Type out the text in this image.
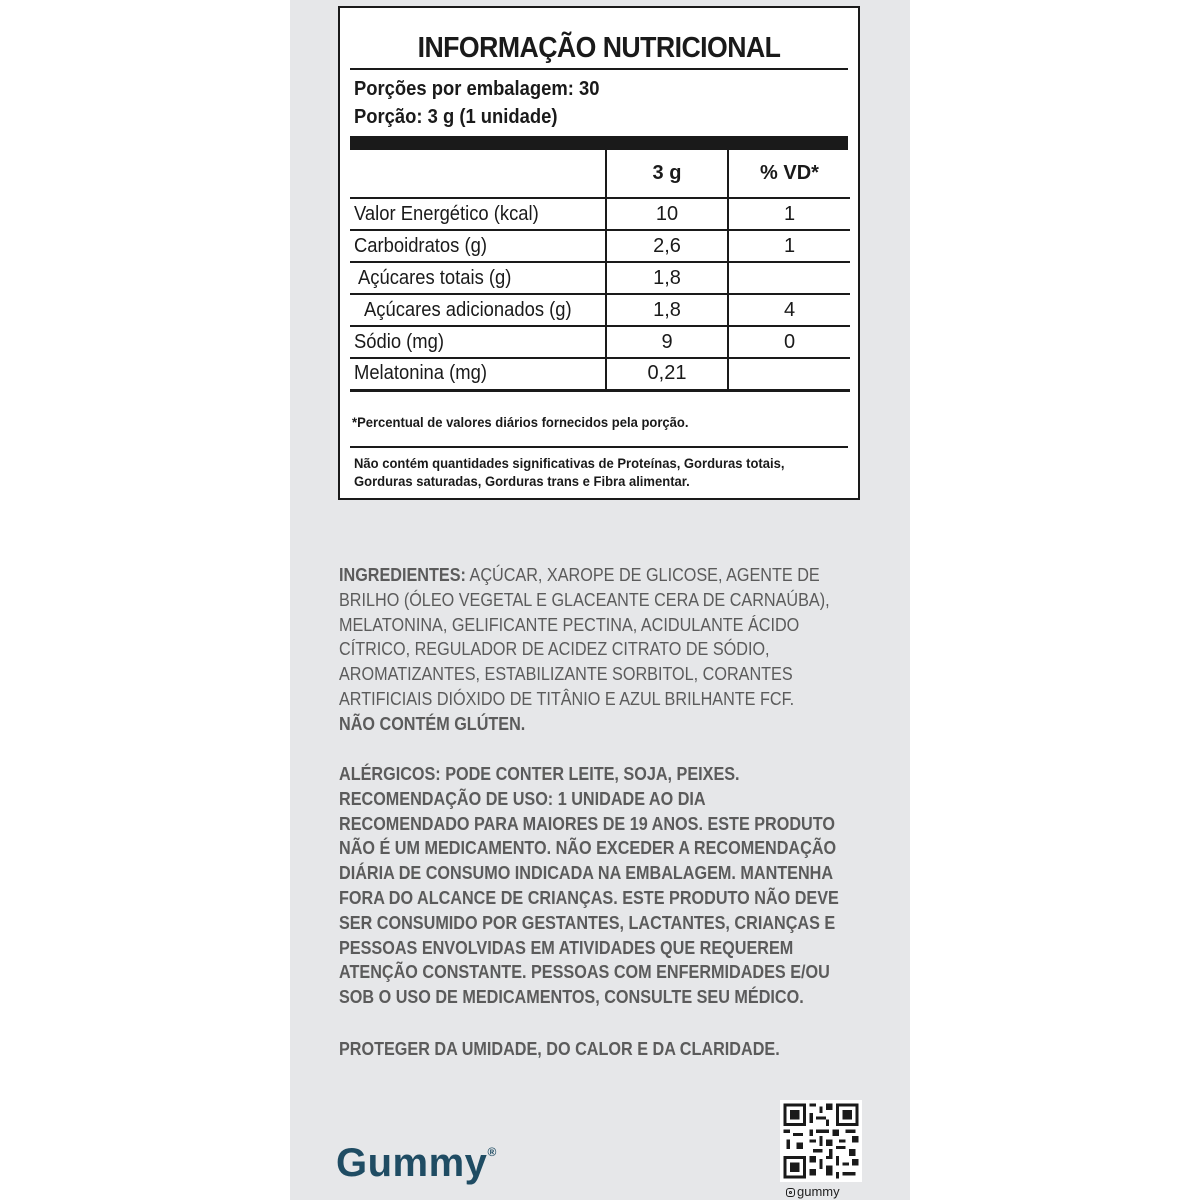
INFORMAÇÃO NUTRICIONAL
Porções por embalagem: 30
Porção: 3 g (1 unidade)
	3 g	% VD*
Valor Energético (kcal)	10	1
Carboidratos (g)	2,6	1
Açúcares totais (g)	1,8	
Açúcares adicionados (g)	1,8	4
Sódio (mg)	9	0
Melatonina (mg)	0,21	
*Percentual de valores diários fornecidos pela porção.
Não contém quantidades significativas de Proteínas, Gorduras totais,
Gorduras saturadas, Gorduras trans e Fibra alimentar.
INGREDIENTES: AÇÚCAR, XAROPE DE GLICOSE, AGENTE DE
BRILHO (ÓLEO VEGETAL E GLACEANTE CERA DE CARNAÚBA),
MELATONINA, GELIFICANTE PECTINA, ACIDULANTE ÁCIDO
CÍTRICO, REGULADOR DE ACIDEZ CITRATO DE SÓDIO,
AROMATIZANTES, ESTABILIZANTE SORBITOL, CORANTES
ARTIFICIAIS DIÓXIDO DE TITÂNIO E AZUL BRILHANTE FCF.
NÃO CONTÉM GLÚTEN.
ALÉRGICOS: PODE CONTER LEITE, SOJA, PEIXES.
RECOMENDAÇÃO DE USO: 1 UNIDADE AO DIA
RECOMENDADO PARA MAIORES DE 19 ANOS. ESTE PRODUTO
NÃO É UM MEDICAMENTO. NÃO EXCEDER A RECOMENDAÇÃO
DIÁRIA DE CONSUMO INDICADA NA EMBALAGEM. MANTENHA
FORA DO ALCANCE DE CRIANÇAS. ESTE PRODUTO NÃO DEVE
SER CONSUMIDO POR GESTANTES, LACTANTES, CRIANÇAS E
PESSOAS ENVOLVIDAS EM ATIVIDADES QUE REQUEREM
ATENÇÃO CONSTANTE. PESSOAS COM ENFERMIDADES E/OU
SOB O USO DE MEDICAMENTOS, CONSULTE SEU MÉDICO.
PROTEGER DA UMIDADE, DO CALOR E DA CLARIDADE.
Gummy®
gummy
